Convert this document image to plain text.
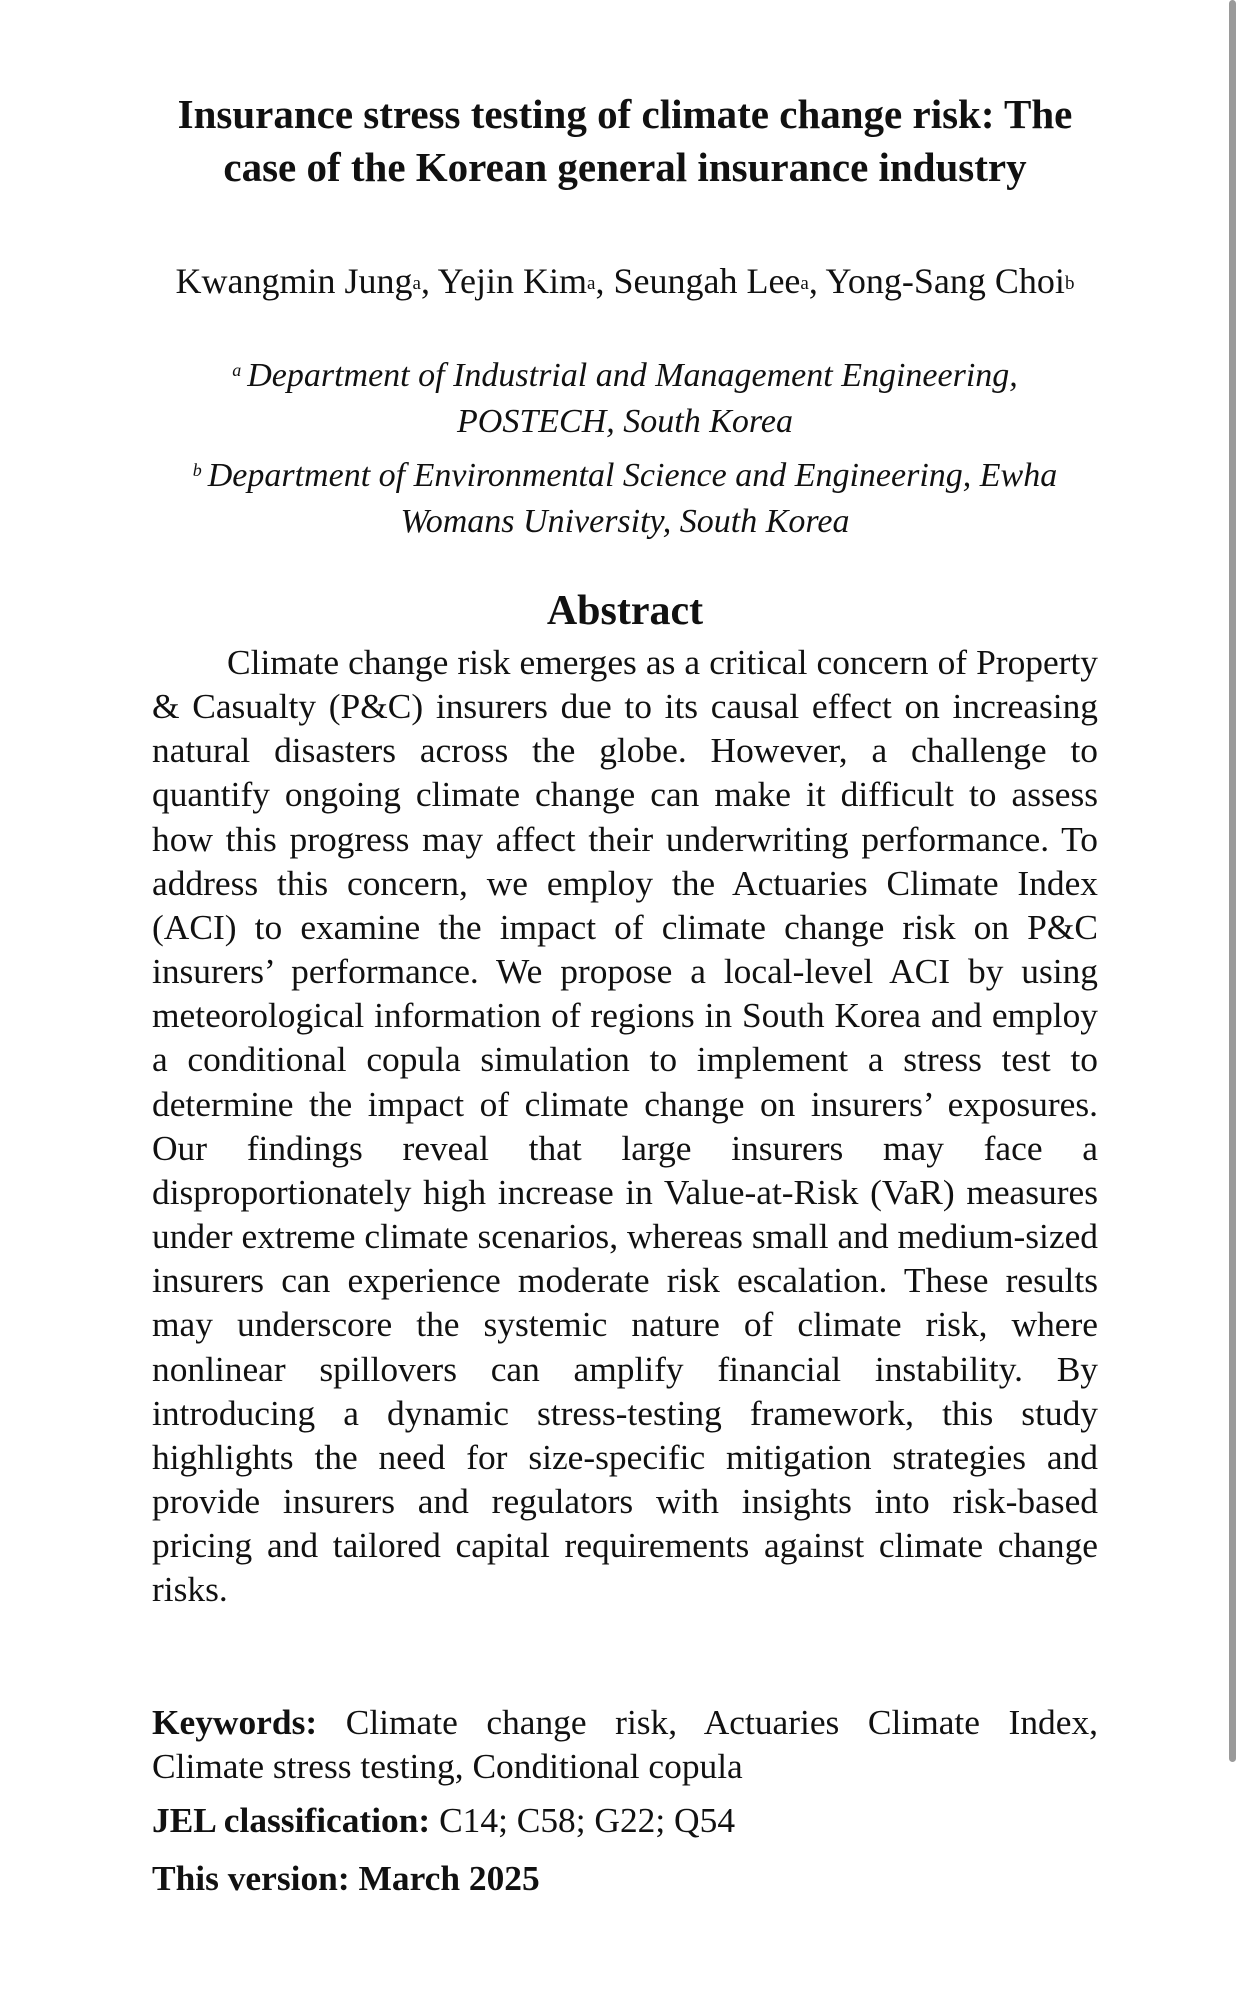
Insurance stress testing of climate change risk: The case of the Korean general insurance industry
Kwangmin Jung$^a$, Yejin Kim$^a$, Seungah Lee$^a$, Yong-Sang Choi$^b$
$^a$ Department of Industrial and Management Engineering, POSTECH, South Korea
$^b$ Department of Environmental Science and Engineering, Ewha Womans University, South Korea
Abstract
Climate change risk emerges as a critical concern of Property & Casualty (P&C) insurers due to its causal effect on increasing natural disasters across the globe. However, a challenge to quantify ongoing climate change can make it difficult to assess how this progress may affect their underwriting performance. To address this concern, we employ the Actuaries Climate Index (ACI) to examine the impact of climate change risk on P&C insurers’ performance. We propose a local-level ACI by using meteorological information of regions in South Korea and employ a conditional copula simulation to implement a stress test to determine the impact of climate change on insurers’ exposures. Our findings reveal that large insurers may face a disproportionately high increase in Value-at-Risk (VaR) measures under extreme climate scenarios, whereas small and medium-sized insurers can experience moderate risk escalation. These results may underscore the systemic nature of climate risk, where nonlinear spillovers can amplify financial instability. By introducing a dynamic stress-testing framework, this study highlights the need for size-specific mitigation strategies and provide insurers and regulators with insights into risk-based pricing and tailored capital requirements against climate change risks.
Keywords: Climate change risk, Actuaries Climate Index, Climate stress testing, Conditional copula
JEL classification: C14; C58; G22; Q54
This version: March 2025
